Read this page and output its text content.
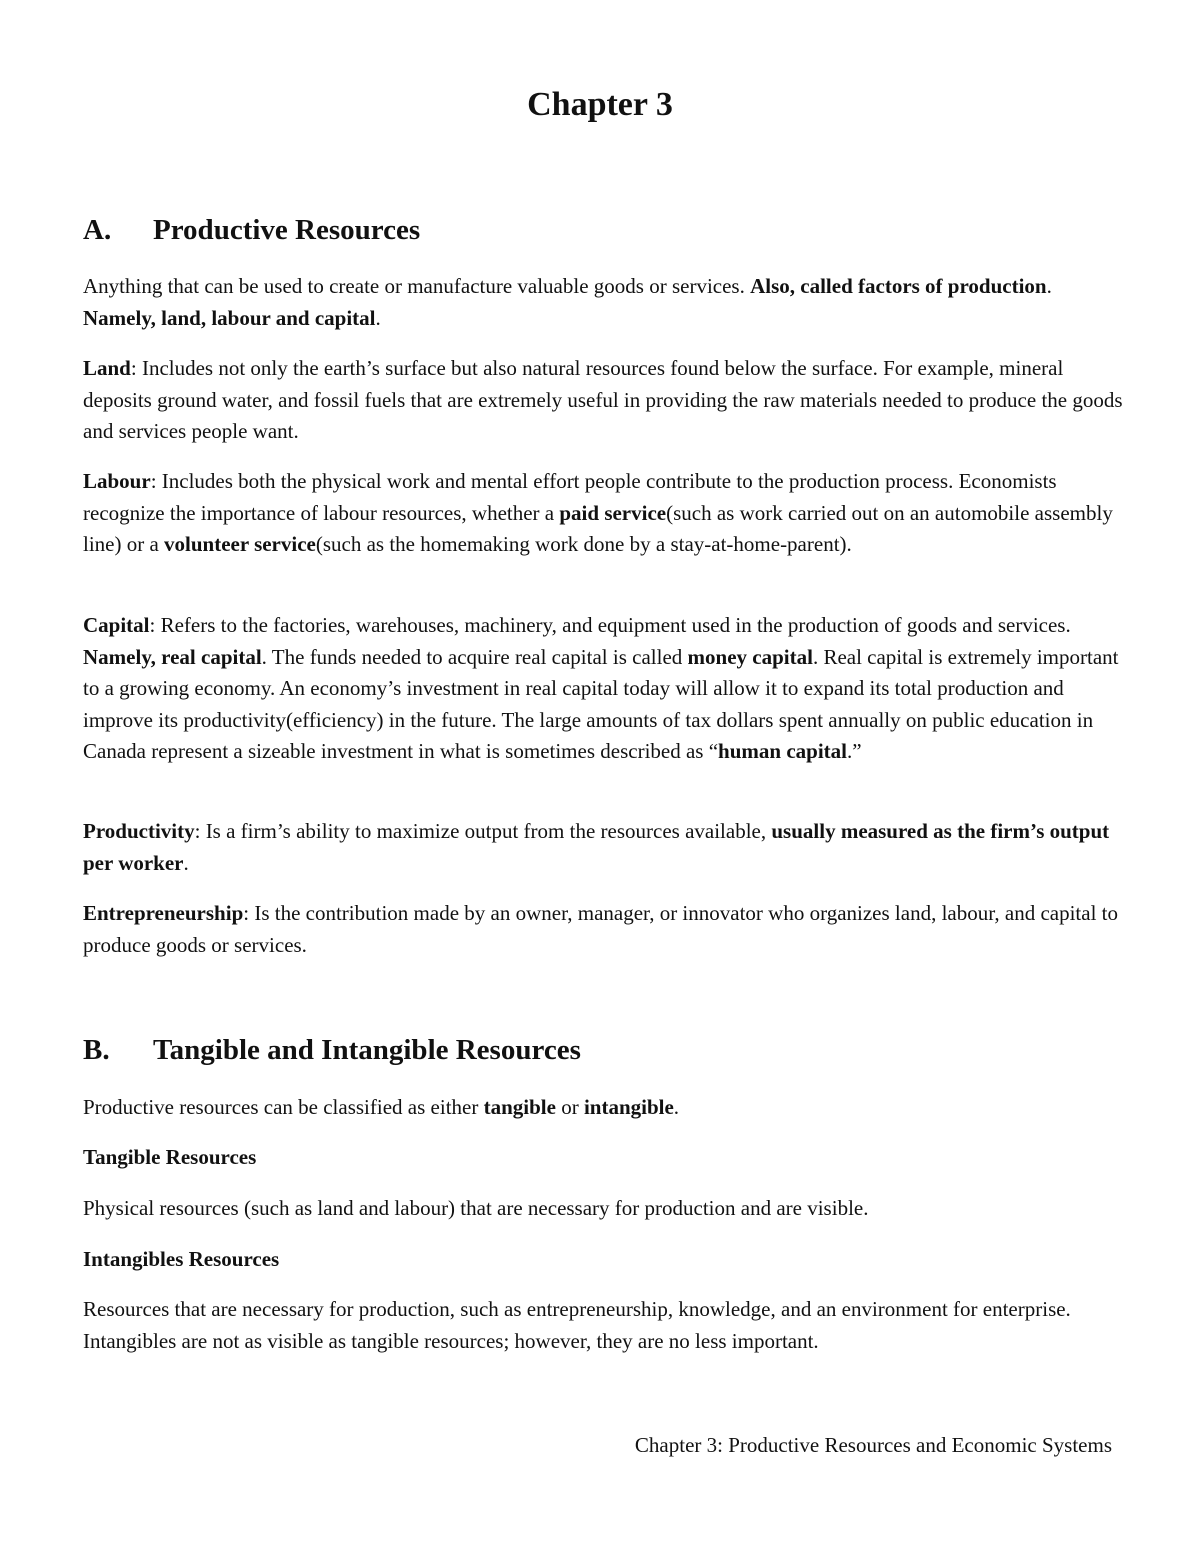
Chapter 3
A. Productive Resources

Anything that can be used to create or manufacture valuable goods or services. Also, called factors of production. Namely, land, labour and capital.

Land: Includes not only the earth’s surface but also natural resources found below the surface. For example, mineral deposits ground water, and fossil fuels that are extremely useful in providing the raw materials needed to produce the goods and services people want.

Labour: Includes both the physical work and mental effort people contribute to the production process. Economists recognize the importance of labour resources, whether a paid service(such as work carried out on an automobile assembly line) or a volunteer service(such as the homemaking work done by a stay-at-home-parent).

Capital: Refers to the factories, warehouses, machinery, and equipment used in the production of goods and services. Namely, real capital. The funds needed to acquire real capital is called money capital. Real capital is extremely important to a growing economy. An economy’s investment in real capital today will allow it to expand its total production and improve its productivity(efficiency) in the future. The large amounts of tax dollars spent annually on public education in Canada represent a sizeable investment in what is sometimes described as “human capital.”

Productivity: Is a firm’s ability to maximize output from the resources available, usually measured as the firm’s output per worker.

Entrepreneurship: Is the contribution made by an owner, manager, or innovator who organizes land, labour, and capital to produce goods or services.

B. Tangible and Intangible Resources

Productive resources can be classified as either tangible or intangible.

Tangible Resources

Physical resources (such as land and labour) that are necessary for production and are visible.

Intangibles Resources

Resources that are necessary for production, such as entrepreneurship, knowledge, and an environment for enterprise. Intangibles are not as visible as tangible resources; however, they are no less important.

Chapter 3: Productive Resources and Economic Systems
